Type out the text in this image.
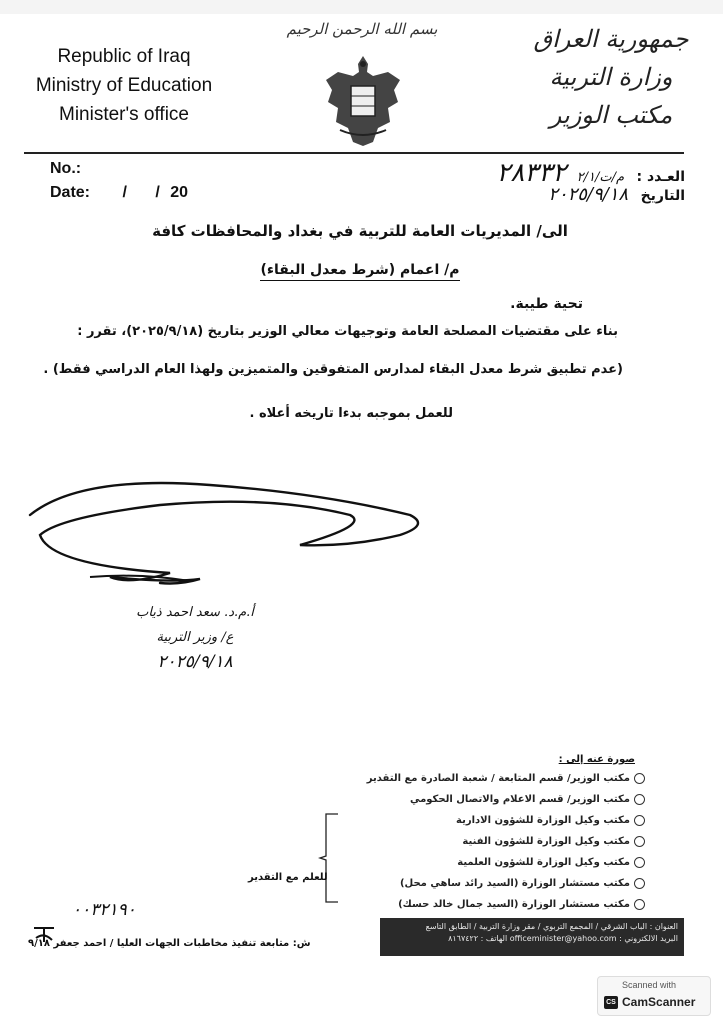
Republic of Iraq
Ministry of Education
Minister's office
بسم الله الرحمن الرحيم	جمهورية العراق
وزارة التربية
مكتب الوزير
No.:
Date: / / 20
العـدد : م/ت/٢/١ ٢٨٣٣٢
التاريخ ٢٠٢٥/٩/١٨
الى/ المديريات العامة للتربية في بغداد والمحافظات كافة
م/ اعمام (شرط معدل البقاء)
تحية طيبة.
بناء على مقتضيات المصلحة العامة وتوجيهات معالي الوزير بتاريخ (٢٠٢٥/٩/١٨)، تقرر :
(عدم تطبيق شرط معدل البقاء لمدارس المتفوقين والمتميزين ولهذا العام الدراسي فقط) .
للعمل بموجبه بدءا تاريخه أعلاه .
أ.م.د. سعد احمد ذياب
ع/ وزير التربية
٢٠٢٥/٩/١٨
صورة عنه إلى :
مكتب الوزير/ قسم المتابعة / شعبة الصادرة مع التقدير
مكتب الوزير/ قسم الاعلام والاتصال الحكومي
مكتب وكيل الوزارة للشؤون الادارية
مكتب وكيل الوزارة للشؤون الفنية
مكتب وكيل الوزارة للشؤون العلمية
مكتب مستشار الوزارة (السيد رائد ساهي محل)
مكتب مستشار الوزارة (السيد جمال خالد حسك)
للعلم مع التقدير
٠٠٣٢١٩٠
ش: متابعة تنفيذ مخاطبات الجهات العليا / احمد جعفر ٩/١٨
العنوان : الباب الشرقي / المجمع التربوي / مقر وزارة التربية / الطابق التاسع
البريد الالكتروني : officeminister@yahoo.com الهاتف : ٨١٦٧٤٢٢
Scanned with
CS CamScanner
